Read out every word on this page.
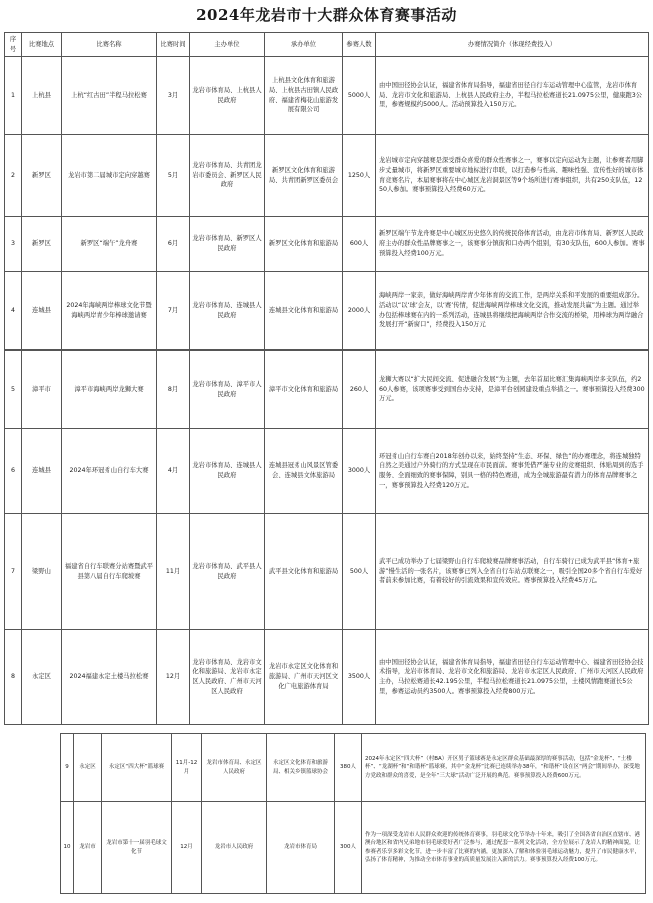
2024年龙岩市十大群众体育赛事活动
序号	比赛地点	比赛名称	比赛时间	主办单位	承办单位	参赛人数	办赛情况简介（体现经费投入）
1	上杭县	上杭“红古田”半程马拉松赛	3月	龙岩市体育局、上杭县人民政府	上杭县文化体育和旅游局、上杭县古田镇人民政府、福建省梅花山旅游发展有限公司	5000人	由中国田径协会认证，福建省体育局指导，福建省田径自行车运动管理中心监管，龙岩市体育局、龙岩市文化和旅游局、上杭县人民政府主办，半程马拉松赛道长21.0975公里，健康跑3公里，参赛规模约5000人。活动预算投入150万元。
2	新罗区	龙岩市第二届城市定向穿越赛	5月	龙岩市体育局、共青团龙岩市委员会、新罗区人民政府	新罗区文化体育和旅游局、共青团新罗区委员会	1250人	龙岩城市定向穿越赛是深受群众喜爱的群众性赛事之一，赛事以定向运动为主题，让参赛者用脚步丈量城市，将新罗区重要城市地标进行串联，以打造参与性高、趣味性强、宣传性好的城市体育竞赛名片，本届赛事将在中心城区龙岩洞景区等9个场所进行赛事组织，共有250支队伍，1250人参加。赛事预算投入经费60万元。
3	新罗区	新罗区“端午”龙舟赛	6月	龙岩市体育局、新罗区人民政府	新罗区文化体育和旅游局	600人	新罗区端午节龙舟赛是中心城区历史悠久的传统民俗体育活动，由龙岩市体育局、新罗区人民政府主办的群众性品牌赛事之一，该赛事分镇街和口办两个组别，有30支队伍，600人参加。赛事预算投入经费100万元。
4	连城县	2024年海峡两岸棒球文化节暨海峡两岸青少年棒球邀请赛	7月	龙岩市体育局、连城县人民政府	连城县文化体育和旅游局	2000人	海峡两岸一家亲，做好海峡两岸青少年体育的交流工作，是两岸关系和平发展的重要组成部分。活动以“以‘球’会友，以‘赛’传情，促进海峡两岸棒球文化交流，推动发展共赢”为主题。通过举办包括棒球赛在内的一系列活动，连城县将继续把海峡两岸合作交流的桥梁，用棒球为两岸融合发展打开“新窗口”，经费投入150万元
5	漳平市	漳平市海峡两岸龙狮大赛	8月	龙岩市体育局、漳平市人民政府	漳平市文化体育和旅游局	260人	龙狮大赛以“扩大民间交流、促进融合发展”为主题，去年首届比赛汇集海峡两岸多支队伍，约260人参赛，该项赛事受到国台办支持，是漳平台创园建设重点举措之一。赛事预算投入经费300万元。
6	连城县	2024年环冠豸山自行车大赛	4月	龙岩市体育局、连城县人民政府	连城县冠豸山风景区管委会、连城县文体旅游局	3000人	环冠豸山自行车赛自2018年创办以来，始终坚持“生态、环保、绿色”的办赛理念，将连城独特自然之美通过户外骑行的方式呈现在市民面前。赛事凭借严谨专业的竞赛组织、体贴周到的选手服务、全面细致的赛事保障，别具一格的特色赛道，成为全城旅游最有潜力的体育品牌赛事之一，赛事预算投入经费120万元。
7	梁野山	福建省自行车联赛分站赛暨武平县第八届自行车爬坡赛	11月	龙岩市体育局、武平县人民政府	武平县文化体育和旅游局	500人	武平已成功举办了七届梁野山自行车爬坡赛品牌赛事活动，自行车骑行已成为武平县“体育+旅游”慢生活的一张名片，该赛事已列入全省自行车站点联赛之一，吸引全国20多个省自行车爱好者前来参加比赛，有着较好的引流效果和宣传效应。赛事预算投入经费45万元。
8	永定区	2024福建永定土楼马拉松赛	12月	龙岩市体育局、龙岩市文化和旅游局、龙岩市永定区人民政府、广州市天河区人民政府	龙岩市永定区文化体育和旅游局、广州市天河区文化广电旅游体育局	3500人	由中国田径协会认证，福建省体育局指导，福建省田径自行车运动管理中心、福建省田径协会技术指导，龙岩市体育局、龙岩市文化和旅游局、龙岩市永定区人民政府、广州市天河区人民政府主办，马拉松赛道长42.195公里，半程马拉松赛道长21.0975公里，土楼风情跑赛道长5公里，参赛运动员约3500人。赛事预算投入经费800万元。
9	永定区	永定区“四大杯”篮球赛	11月-12月	龙岩市体育局、永定区人民政府	永定区文化体育和旅游局、相关乡镇篮球协会	380人	2024年永定区“四大杯”（村BA）开区男子篮球赛是永定区群众基础最深厚的赛事活动，包括“金龙杯”、“土楼杯”、“龙湖杯”和“和谐杯”篮球赛，其中“金龙杯”比赛已连续举办38年，“和谐杯”设在区“两会”期间举办，深受地方党政和群众的喜爱，是全年“三大球”活动广泛开展的典范。赛事预算投入经费600万元。
10	龙岩市	龙岩市第十一届羽毛球文化节	12月	龙岩市人民政府	龙岩市体育局	300人	作为一项深受龙岩市人民群众欢迎的传统体育赛事，羽毛球文化节举办十年来，吸引了全国各省自治区直辖市、港澳台地区和省内兄弟地市羽毛球爱好者广泛参与，通过配套一系列文化活动，全方位展示了龙岩人的精神面貌，让参赛者乐享多彩文化节，进一步丰富了比赛的内涵，更加深入了解和体验羽毛球运动魅力，提升了市民健康水平，弘扬了体育精神，为推动全市体育事业的高质量发展注入新的活力。赛事预算投入经费100万元。
